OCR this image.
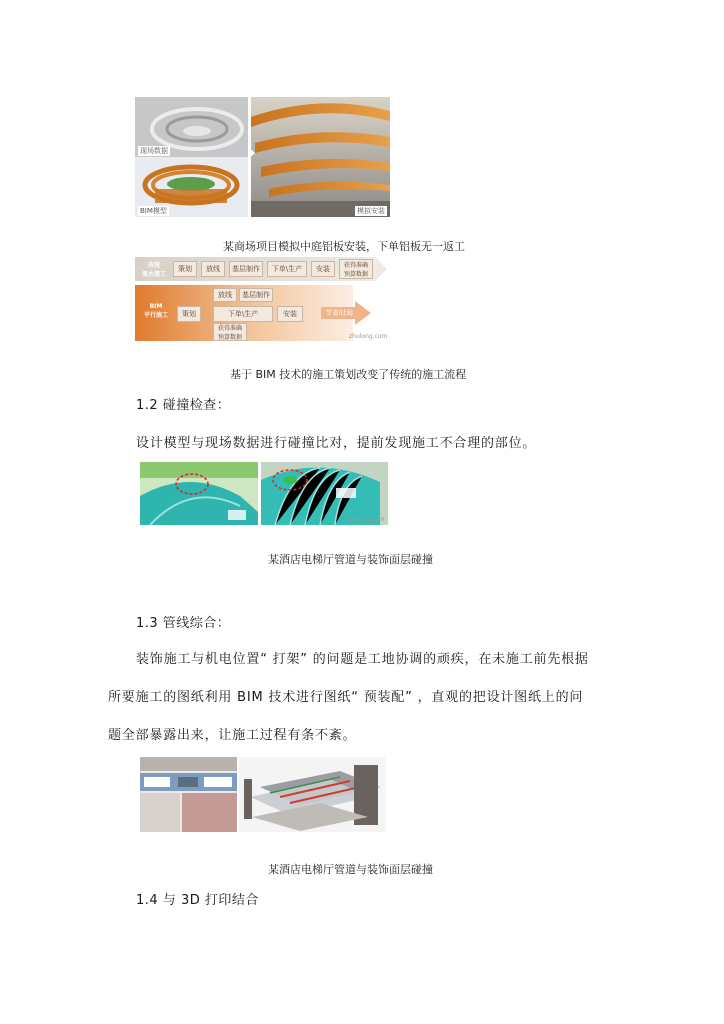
现场数据
BIM模型	模拟安装
某商场项目模拟中庭铝板安装，下单铝板无一返工
传统
流水施工
策划	放线	基层制作	下单\生产	安装	获得准确
预算数据
BIM
平行施工
放线	基层制作
策划	下单\生产	安装
获得准确
预算数据
节省时间
zhulong.com
基于 BIM 技术的施工策划改变了传统的施工流程
1.2 碰撞检查：
设计模型与现场数据进行碰撞比对，提前发现施工不合理的部位。
zhulong.com
某酒店电梯厅管道与装饰面层碰撞
1.3 管线综合：
装饰施工与机电位置“ 打架” 的问题是工地协调的顽疾，在未施工前先根据
所要施工的图纸利用 BIM 技术进行图纸“ 预装配” ，直观的把设计图纸上的问
题全部暴露出来，让施工过程有条不紊。
某酒店电梯厅管道与装饰面层碰撞
1.4 与 3D 打印结合
